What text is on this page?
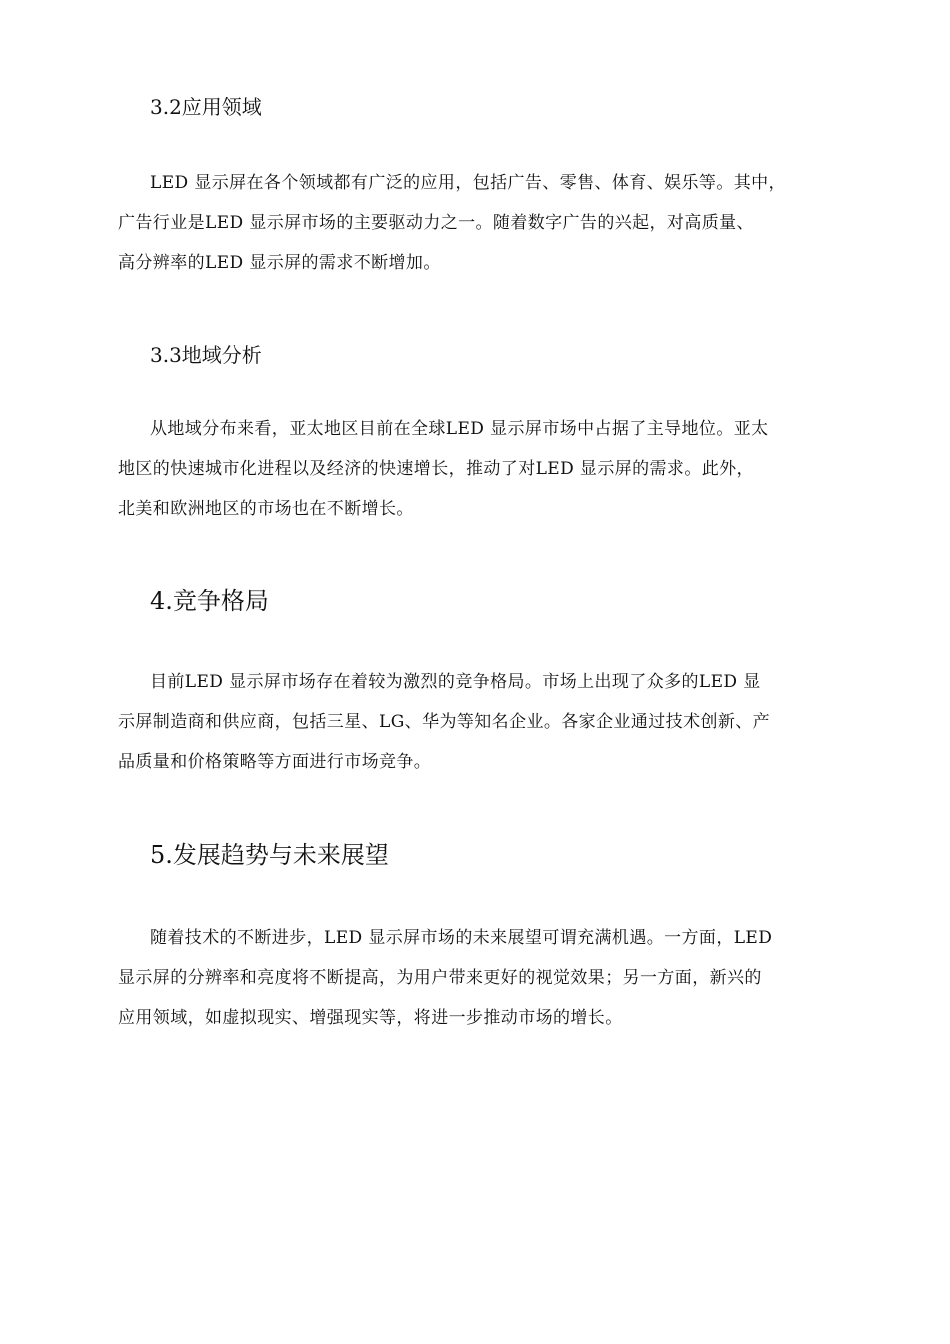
3.2应用领域
LED 显示屏在各个领域都有广泛的应用，包括广告、零售、体育、娱乐等。其中，
广告行业是LED 显示屏市场的主要驱动力之一。随着数字广告的兴起，对高质量、
高分辨率的LED 显示屏的需求不断增加。
3.3地域分析
从地域分布来看，亚太地区目前在全球LED 显示屏市场中占据了主导地位。亚太
地区的快速城市化进程以及经济的快速增长，推动了对LED 显示屏的需求。此外，
北美和欧洲地区的市场也在不断增长。
4.竞争格局
目前LED 显示屏市场存在着较为激烈的竞争格局。市场上出现了众多的LED 显
示屏制造商和供应商，包括三星、LG、华为等知名企业。各家企业通过技术创新、产
品质量和价格策略等方面进行市场竞争。
5.发展趋势与未来展望
随着技术的不断进步，LED 显示屏市场的未来展望可谓充满机遇。一方面，LED
显示屏的分辨率和亮度将不断提高，为用户带来更好的视觉效果；另一方面，新兴的
应用领域，如虚拟现实、增强现实等，将进一步推动市场的增长。
